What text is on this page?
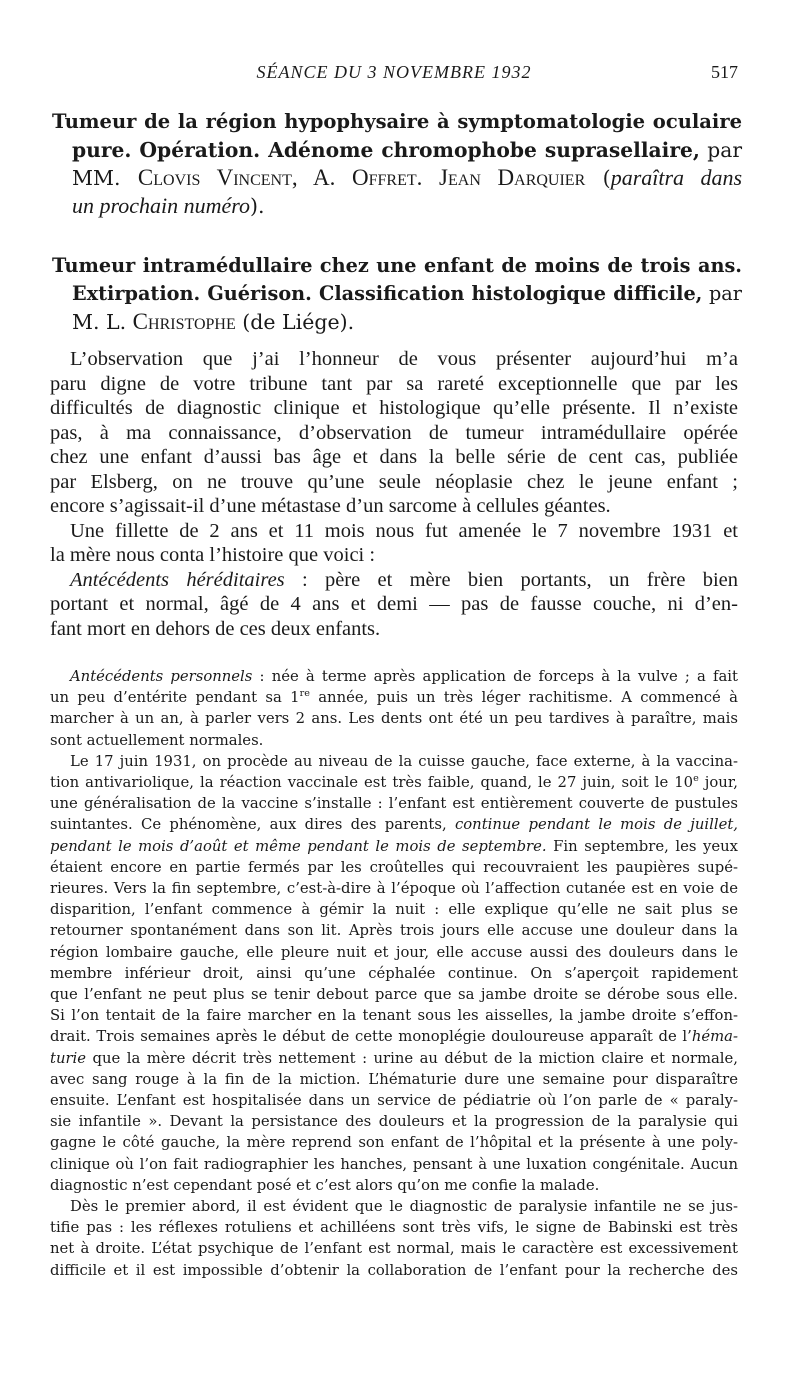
SÉANCE DU 3 NOVEMBRE 1932	517
Tumeur de la région hypophysaire à symptomatologie oculaire
pure. Opération. Adénome chromophobe suprasellaire, par
MM. Clovis Vincent, A. Offret. Jean Darquier (paraîtra dans
un prochain numéro).
Tumeur intramédullaire chez une enfant de moins de trois ans.
Extirpation. Guérison. Classification histologique difficile, par
M. L. Christophe (de Liége).
L’observation que j’ai l’honneur de vous présenter aujourd’hui m’a
paru digne de votre tribune tant par sa rareté exceptionnelle que par les
difficultés de diagnostic clinique et histologique qu’elle présente. Il n’existe
pas, à ma connaissance, d’observation de tumeur intramédullaire opérée
chez une enfant d’aussi bas âge et dans la belle série de cent cas, publiée
par Elsberg, on ne trouve qu’une seule néoplasie chez le jeune enfant ;
encore s’agissait-il d’une métastase d’un sarcome à cellules géantes.
Une fillette de 2 ans et 11 mois nous fut amenée le 7 novembre 1931 et
la mère nous conta l’histoire que voici :
Antécédents héréditaires : père et mère bien portants, un frère bien
portant et normal, âgé de 4 ans et demi — pas de fausse couche, ni d’en-
fant mort en dehors de ces deux enfants.
Antécédents personnels : née à terme après application de forceps à la vulve ; a fait
un peu d’entérite pendant sa 1re année, puis un très léger rachitisme. A commencé à
marcher à un an, à parler vers 2 ans. Les dents ont été un peu tardives à paraître, mais
sont actuellement normales.
Le 17 juin 1931, on procède au niveau de la cuisse gauche, face externe, à la vaccina-
tion antivariolique, la réaction vaccinale est très faible, quand, le 27 juin, soit le 10e jour,
une généralisation de la vaccine s’installe : l’enfant est entièrement couverte de pustules
suintantes. Ce phénomène, aux dires des parents, continue pendant le mois de juillet,
pendant le mois d’août et même pendant le mois de septembre. Fin septembre, les yeux
étaient encore en partie fermés par les croûtelles qui recouvraient les paupières supé-
rieures. Vers la fin septembre, c’est-à-dire à l’époque où l’affection cutanée est en voie de
disparition, l’enfant commence à gémir la nuit : elle explique qu’elle ne sait plus se
retourner spontanément dans son lit. Après trois jours elle accuse une douleur dans la
région lombaire gauche, elle pleure nuit et jour, elle accuse aussi des douleurs dans le
membre inférieur droit, ainsi qu’une céphalée continue. On s’aperçoit rapidement
que l’enfant ne peut plus se tenir debout parce que sa jambe droite se dérobe sous elle.
Si l’on tentait de la faire marcher en la tenant sous les aisselles, la jambe droite s’effon-
drait. Trois semaines après le début de cette monoplégie douloureuse apparaît de l’héma-
turie que la mère décrit très nettement : urine au début de la miction claire et normale,
avec sang rouge à la fin de la miction. L’hématurie dure une semaine pour disparaître
ensuite. L’enfant est hospitalisée dans un service de pédiatrie où l’on parle de « paraly-
sie infantile ». Devant la persistance des douleurs et la progression de la paralysie qui
gagne le côté gauche, la mère reprend son enfant de l’hôpital et la présente à une poly-
clinique où l’on fait radiographier les hanches, pensant à une luxation congénitale. Aucun
diagnostic n’est cependant posé et c’est alors qu’on me confie la malade.
Dès le premier abord, il est évident que le diagnostic de paralysie infantile ne se jus-
tifie pas : les réflexes rotuliens et achilléens sont très vifs, le signe de Babinski est très
net à droite. L’état psychique de l’enfant est normal, mais le caractère est excessivement
difficile et il est impossible d’obtenir la collaboration de l’enfant pour la recherche des
